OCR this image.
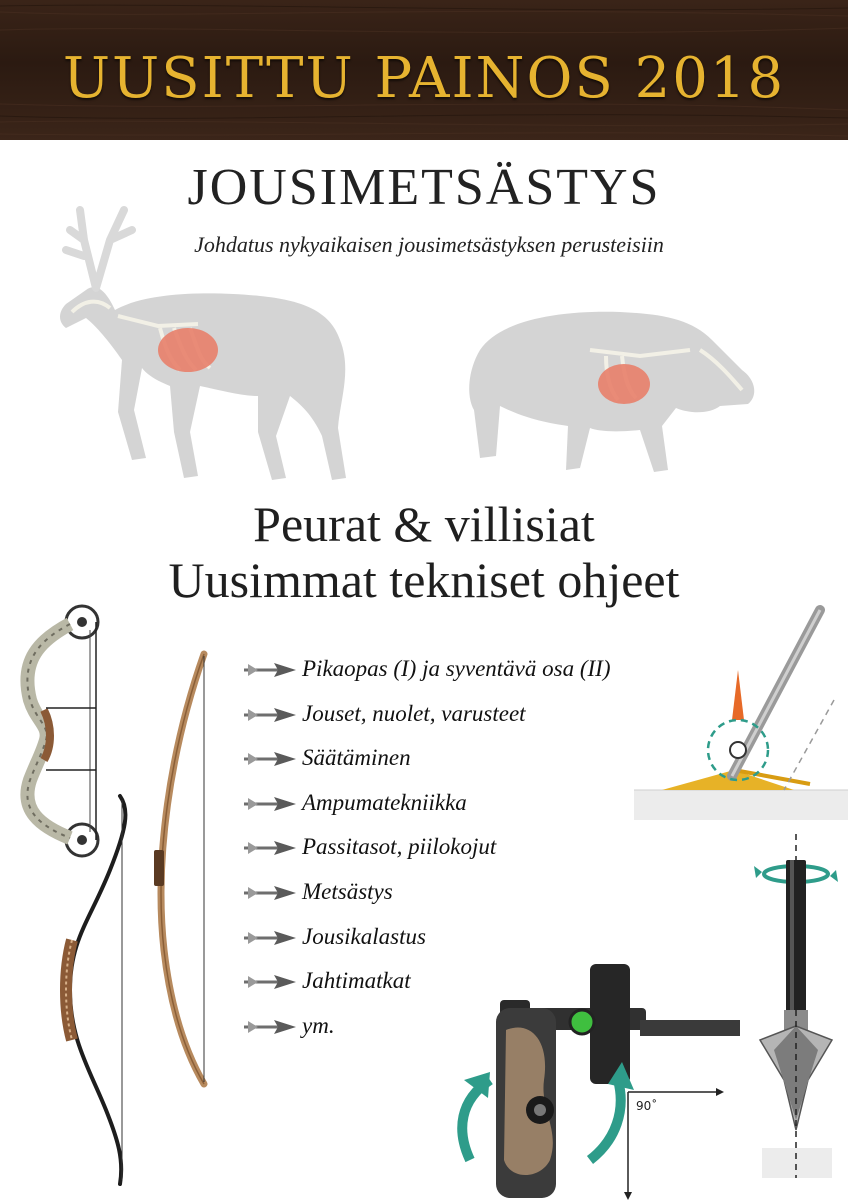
UUSITTU PAINOS 2018
JOUSIMETSÄSTYS
Johdatus nykyaikaisen jousimetsästyksen perusteisiin
Peurat & villisiat
Uusimmat tekniset ohjeet
Pikaopas (I) ja syventävä osa (II)
Jouset, nuolet, varusteet
Säätäminen
Ampumatekniikka
Passitasot, piilokojut
Metsästys
Jousikalastus
Jahtimatkat
ym.
90˚
